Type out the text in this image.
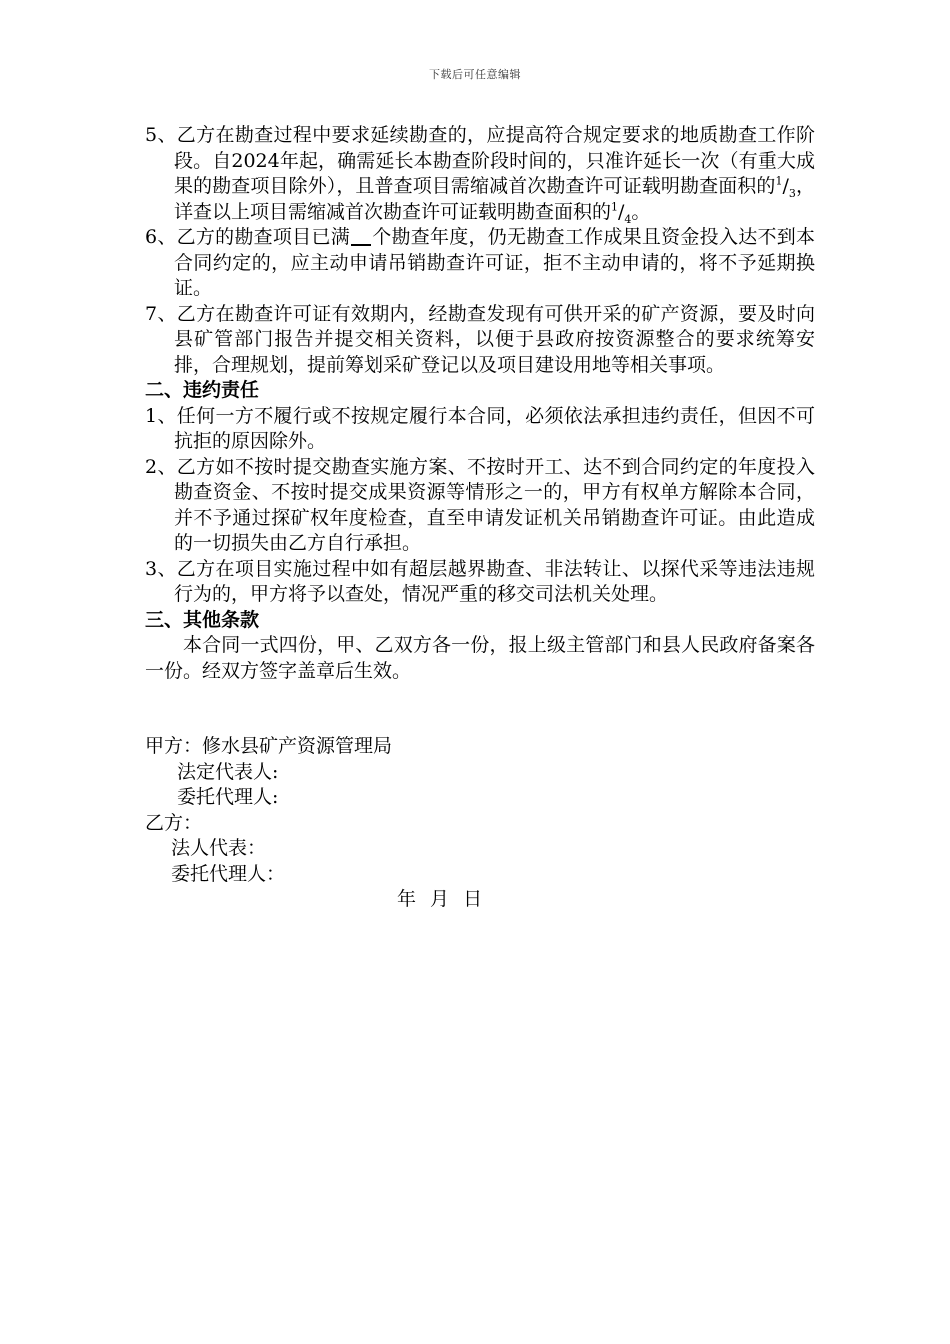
下载后可任意编辑

5、乙方在勘查过程中要求延续勘查的，应提高符合规定要求的地质勘查工作阶段。自2024年起，确需延长本勘查阶段时间的，只准许延长一次（有重大成果的勘查项目除外），且普查项目需缩减首次勘查许可证载明勘查面积的$^1/_3$，详查以上项目需缩减首次勘查许可证载明勘查面积的$^1/_4$。

6、乙方的勘查项目已满 个勘查年度，仍无勘查工作成果且资金投入达不到本合同约定的，应主动申请吊销勘查许可证，拒不主动申请的，将不予延期换证。

7、乙方在勘查许可证有效期内，经勘查发现有可供开采的矿产资源，要及时向县矿管部门报告并提交相关资料，以便于县政府按资源整合的要求统筹安排，合理规划，提前筹划采矿登记以及项目建设用地等相关事项。

二、违约责任

1、任何一方不履行或不按规定履行本合同，必须依法承担违约责任，但因不可抗拒的原因除外。

2、乙方如不按时提交勘查实施方案、不按时开工、达不到合同约定的年度投入勘查资金、不按时提交成果资源等情形之一的，甲方有权单方解除本合同，并不予通过探矿权年度检查，直至申请发证机关吊销勘查许可证。由此造成的一切损失由乙方自行承担。

3、乙方在项目实施过程中如有超层越界勘查、非法转让、以探代采等违法违规行为的，甲方将予以查处，情况严重的移交司法机关处理。

三、其他条款

本合同一式四份，甲、乙双方各一份，报上级主管部门和县人民政府备案各一份。经双方签字盖章后生效。

甲方：修水县矿产资源管理局

法定代表人:

委托代理人:

乙方：

法人代表：

委托代理人：

年 月 日
